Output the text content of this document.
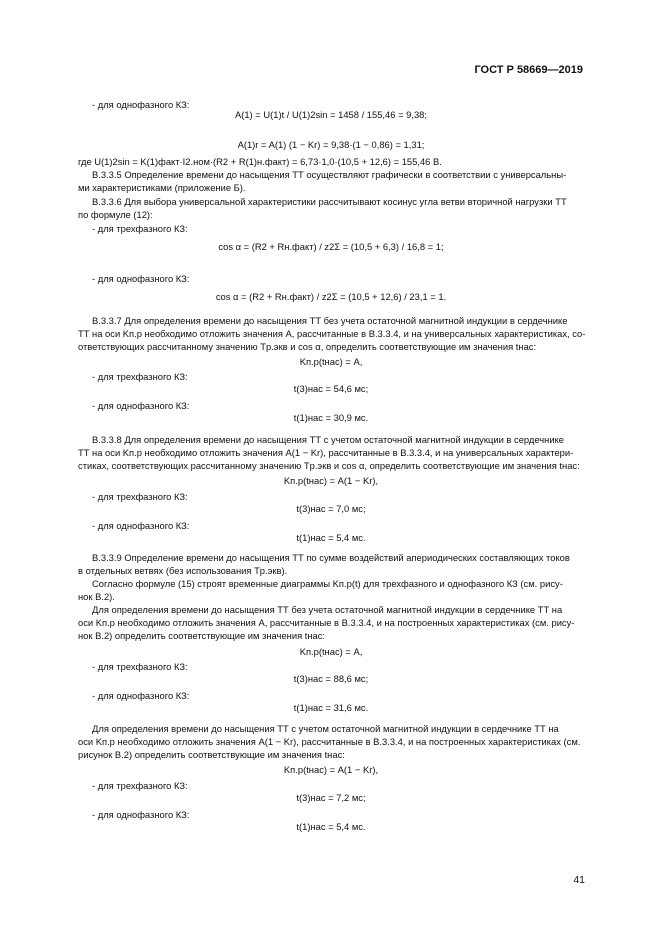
ГОСТ Р 58669—2019
- для однофазного КЗ:
A(1) = U(1)t / U(1)2sin = 1458 / 155,46 = 9,38;
A(1)r = A(1) (1 − Kr) = 9,38·(1 − 0,86) = 1,31;
где U(1)2sin = K(1)факт·I2.ном·(R2 + R(1)н.факт) = 6,73·1,0·(10,5 + 12,6) = 155,46 В.
В.3.3.5 Определение времени до насыщения ТТ осуществляют графически в соответствии с универсальны-
ми характеристиками (приложение Б).
В.3.3.6 Для выбора универсальной характеристики рассчитывают косинус угла ветви вторичной нагрузки ТТ
по формуле (12):
- для трехфазного КЗ:
cos α = (R2 + Rн.факт) / z2Σ = (10,5 + 6,3) / 16,8 = 1;
- для однофазного КЗ:
cos α = (R2 + Rн.факт) / z2Σ = (10,5 + 12,6) / 23,1 = 1.
В.3.3.7 Для определения времени до насыщения ТТ без учета остаточной магнитной индукции в сердечнике
ТТ на оси Kп.р необходимо отложить значения A, рассчитанные в В.3.3.4, и на универсальных характеристиках, со-
ответствующих рассчитанному значению Tр.экв и cos α, определить соответствующие им значения tнас:
Kп.р(tнас) = A,
- для трехфазного КЗ:
t(3)нас = 54,6 мс;
- для однофазного КЗ:
t(1)нас = 30,9 мс.
В.3.3.8 Для определения времени до насыщения ТТ с учетом остаточной магнитной индукции в сердечнике
ТТ на оси Kп.р необходимо отложить значения A(1 − Kr), рассчитанные в В.3.3.4, и на универсальных характери-
стиках, соответствующих рассчитанному значению Tр.экв и cos α, определить соответствующие им значения tнас:
Kп.р(tнас) = A(1 − Kr),
- для трехфазного КЗ:
t(3)нас = 7,0 мс;
- для однофазного КЗ:
t(1)нас = 5,4 мс.
В.3.3.9 Определение времени до насыщения ТТ по сумме воздействий апериодических составляющих токов
в отдельных ветвях (без использования Tр.экв).
Согласно формуле (15) строят временные диаграммы Kп.р(t) для трехфазного и однофазного КЗ (см. рису-
нок В.2).
Для определения времени до насыщения ТТ без учета остаточной магнитной индукции в сердечнике ТТ на
оси Kп.р необходимо отложить значения A, рассчитанные в В.3.3.4, и на построенных характеристиках (см. рису-
нок В.2) определить соответствующие им значения tнас:
Kп.р(tнас) = A,
- для трехфазного КЗ:
t(3)нас = 88,6 мс;
- для однофазного КЗ:
t(1)нас = 31,6 мс.
Для определения времени до насыщения ТТ с учетом остаточной магнитной индукции в сердечнике ТТ на
оси Kп.р необходимо отложить значения A(1 − Kr), рассчитанные в В.3.3.4, и на построенных характеристиках (см.
рисунок В.2) определить соответствующие им значения tнас:
Kп.р(tнас) = A(1 − Kr),
- для трехфазного КЗ:
t(3)нас = 7,2 мс;
- для однофазного КЗ:
t(1)нас = 5,4 мс.
41
